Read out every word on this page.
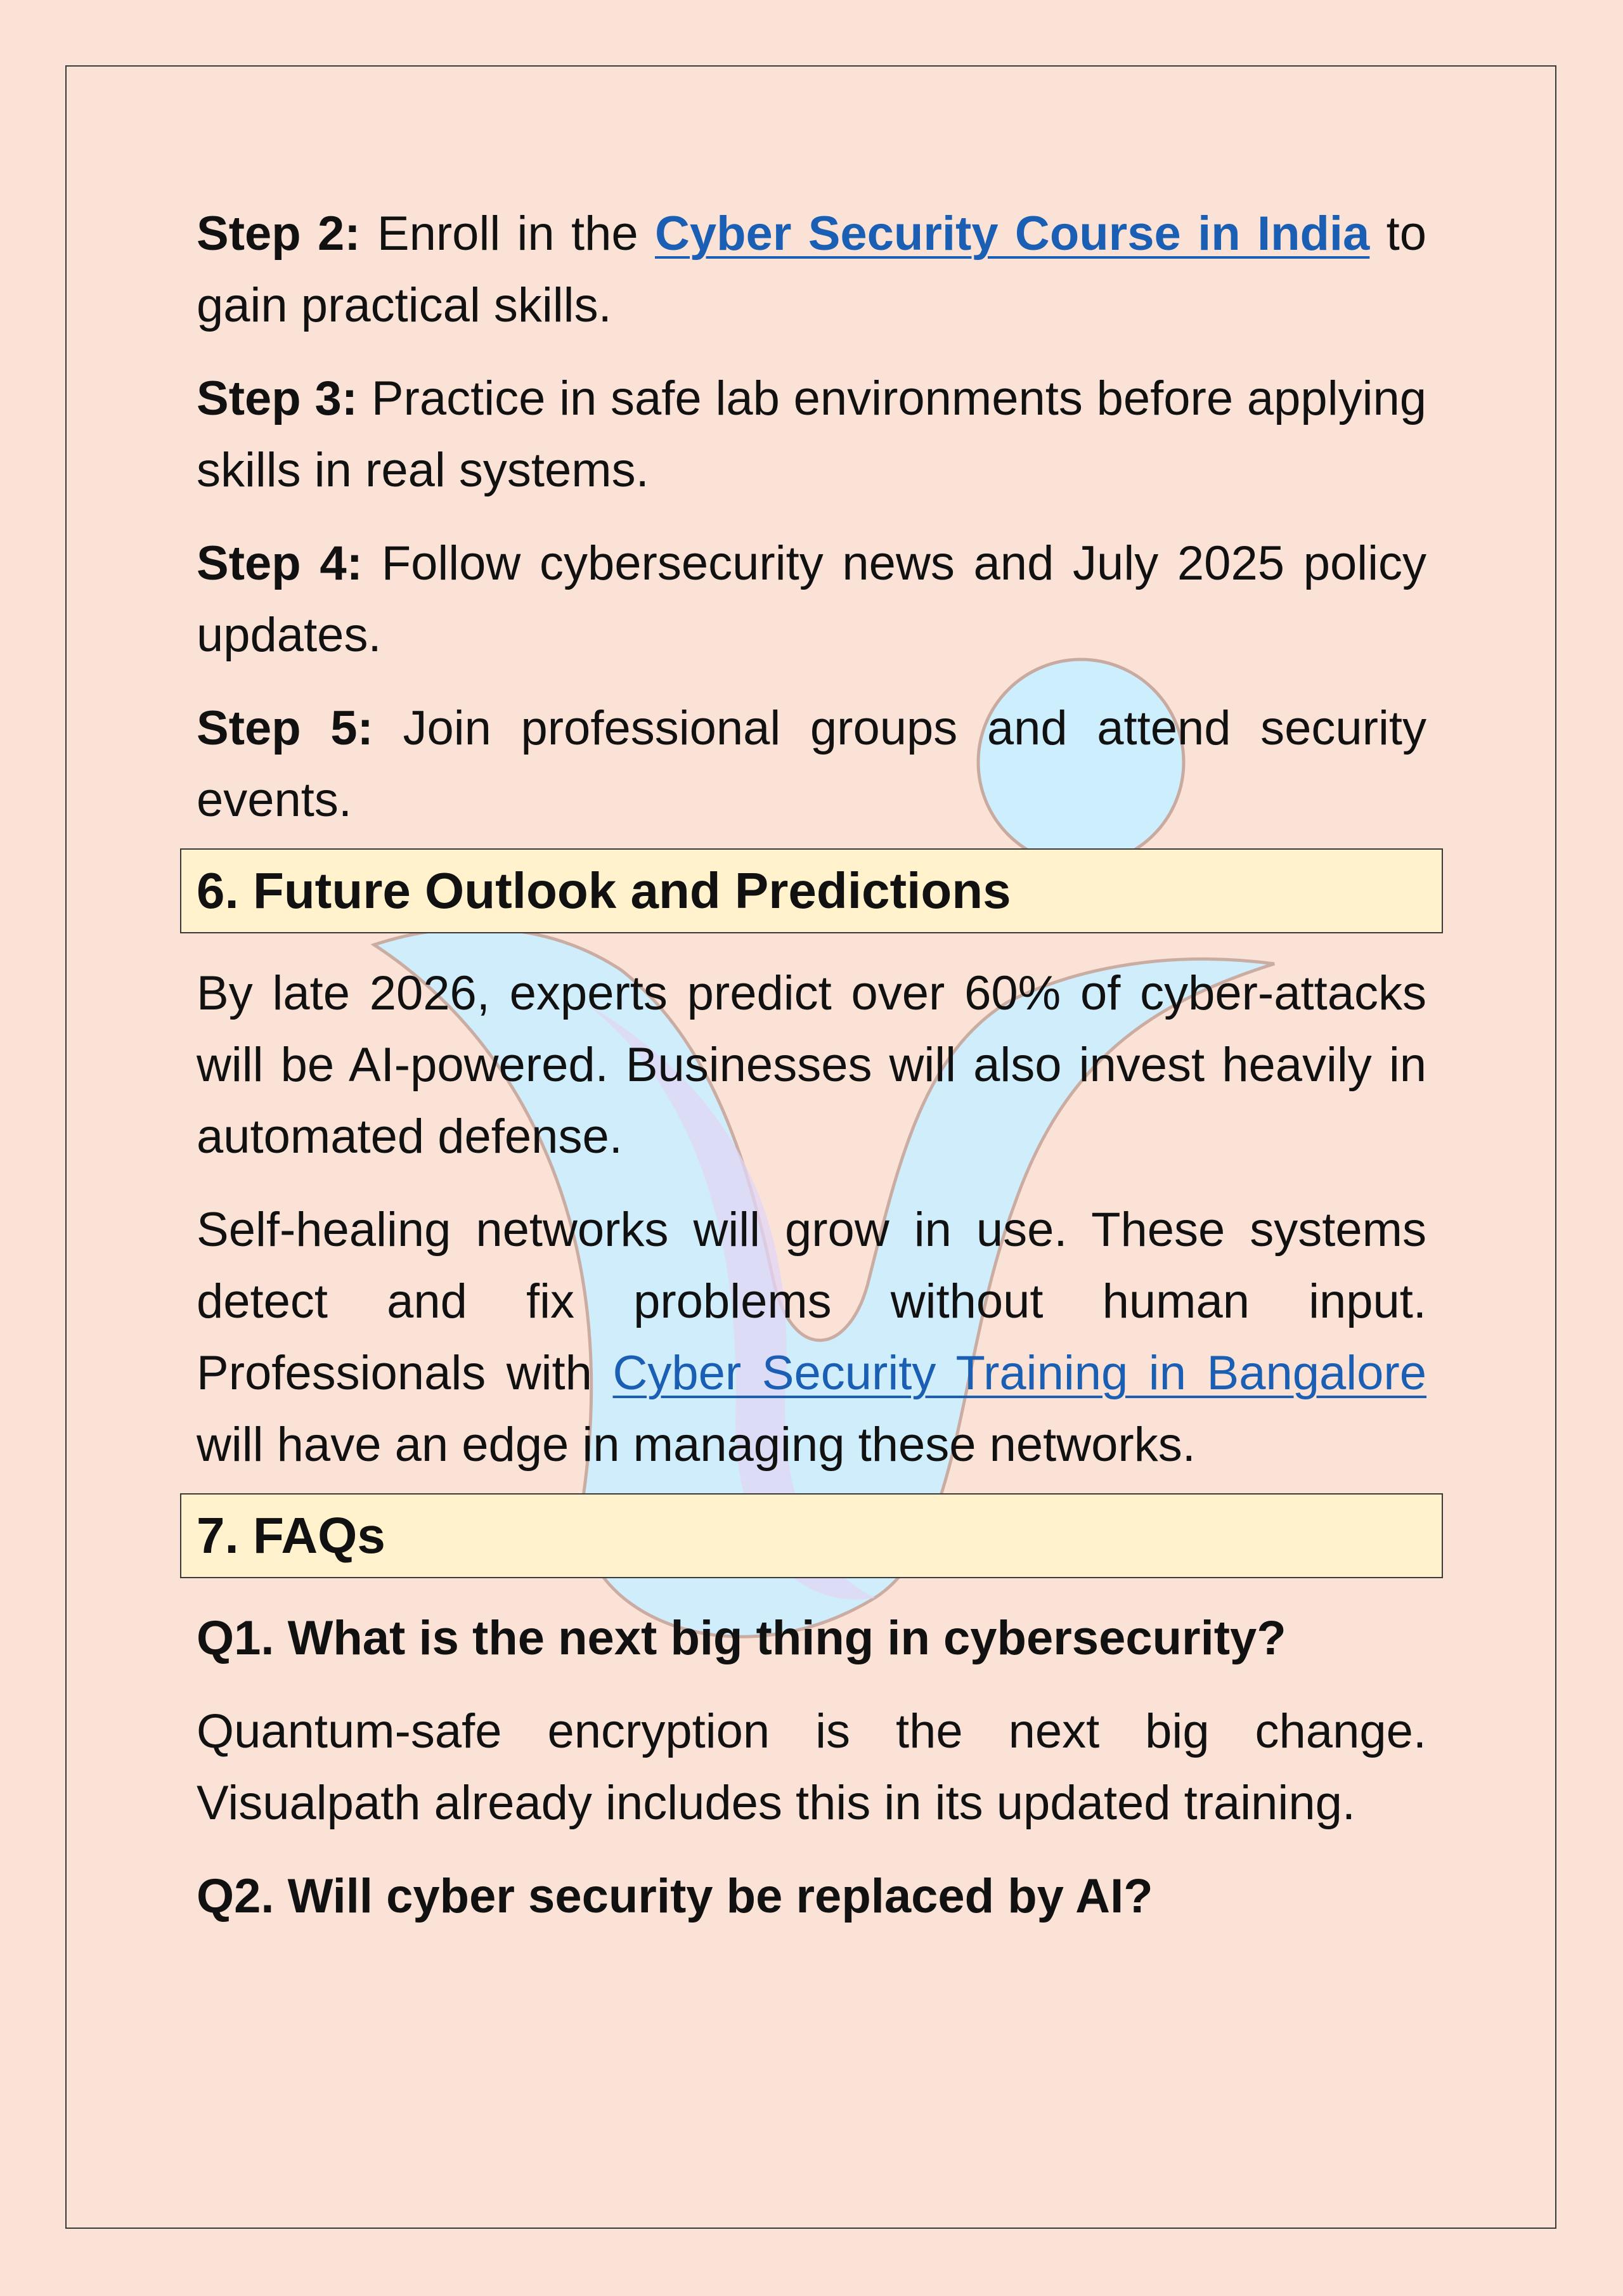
Step 2: Enroll in the Cyber Security Course in India to gain practical skills.

Step 3: Practice in safe lab environments before applying skills in real systems.

Step 4: Follow cybersecurity news and July 2025 policy updates.

Step 5: Join professional groups and attend security events.

6. Future Outlook and Predictions

By late 2026, experts predict over 60% of cyber-attacks will be AI-powered. Businesses will also invest heavily in automated defense.

Self-healing networks will grow in use. These systems detect and fix problems without human input. Professionals with Cyber Security Training in Bangalore will have an edge in managing these networks.

7. FAQs
Q1. What is the next big thing in cybersecurity?

Quantum-safe encryption is the next big change. Visualpath already includes this in its updated training.

Q2. Will cyber security be replaced by AI?
